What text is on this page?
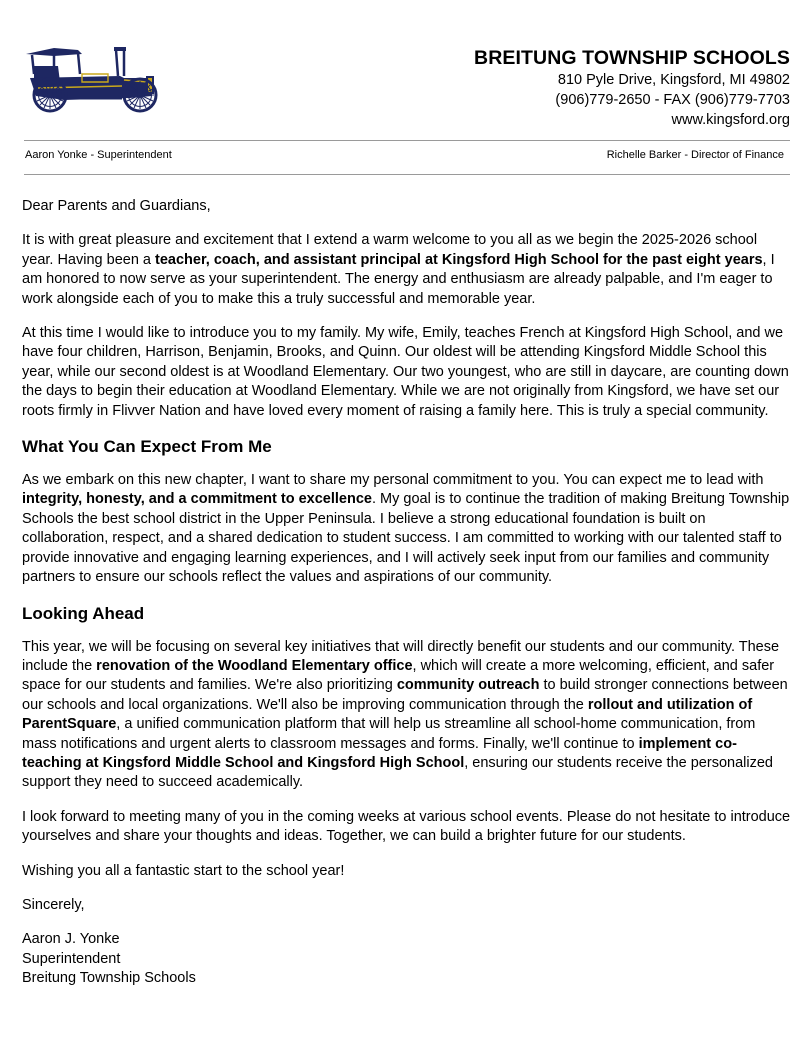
BREITUNG TOWNSHIP SCHOOLS
810 Pyle Drive, Kingsford, MI 49802
(906)779-2650 - FAX (906)779-7703
www.kingsford.org
Aaron Yonke - Superintendent	Richelle Barker - Director of Finance

Dear Parents and Guardians,

It is with great pleasure and excitement that I extend a warm welcome to you all as we begin the 2025-2026 school year. Having been a teacher, coach, and assistant principal at Kingsford High School for the past eight years, I am honored to now serve as your superintendent. The energy and enthusiasm are already palpable, and I'm eager to work alongside each of you to make this a truly successful and memorable year.

At this time I would like to introduce you to my family. My wife, Emily, teaches French at Kingsford High School, and we have four children, Harrison, Benjamin, Brooks, and Quinn. Our oldest will be attending Kingsford Middle School this year, while our second oldest is at Woodland Elementary. Our two youngest, who are still in daycare, are counting down the days to begin their education at Woodland Elementary. While we are not originally from Kingsford, we have set our roots firmly in Flivver Nation and have loved every moment of raising a family here. This is truly a special community.

What You Can Expect From Me

As we embark on this new chapter, I want to share my personal commitment to you. You can expect me to lead with integrity, honesty, and a commitment to excellence. My goal is to continue the tradition of making Breitung Township Schools the best school district in the Upper Peninsula. I believe a strong educational foundation is built on collaboration, respect, and a shared dedication to student success. I am committed to working with our talented staff to provide innovative and engaging learning experiences, and I will actively seek input from our families and community partners to ensure our schools reflect the values and aspirations of our community.

Looking Ahead

This year, we will be focusing on several key initiatives that will directly benefit our students and our community. These include the renovation of the Woodland Elementary office, which will create a more welcoming, efficient, and safer space for our students and families. We're also prioritizing community outreach to build stronger connections between our schools and local organizations. We'll also be improving communication through the rollout and utilization of ParentSquare, a unified communication platform that will help us streamline all school-home communication, from mass notifications and urgent alerts to classroom messages and forms. Finally, we'll continue to implement co-teaching at Kingsford Middle School and Kingsford High School, ensuring our students receive the personalized support they need to succeed academically.

I look forward to meeting many of you in the coming weeks at various school events. Please do not hesitate to introduce yourselves and share your thoughts and ideas. Together, we can build a brighter future for our students.

Wishing you all a fantastic start to the school year!

Sincerely,

Aaron J. Yonke
Superintendent
Breitung Township Schools
